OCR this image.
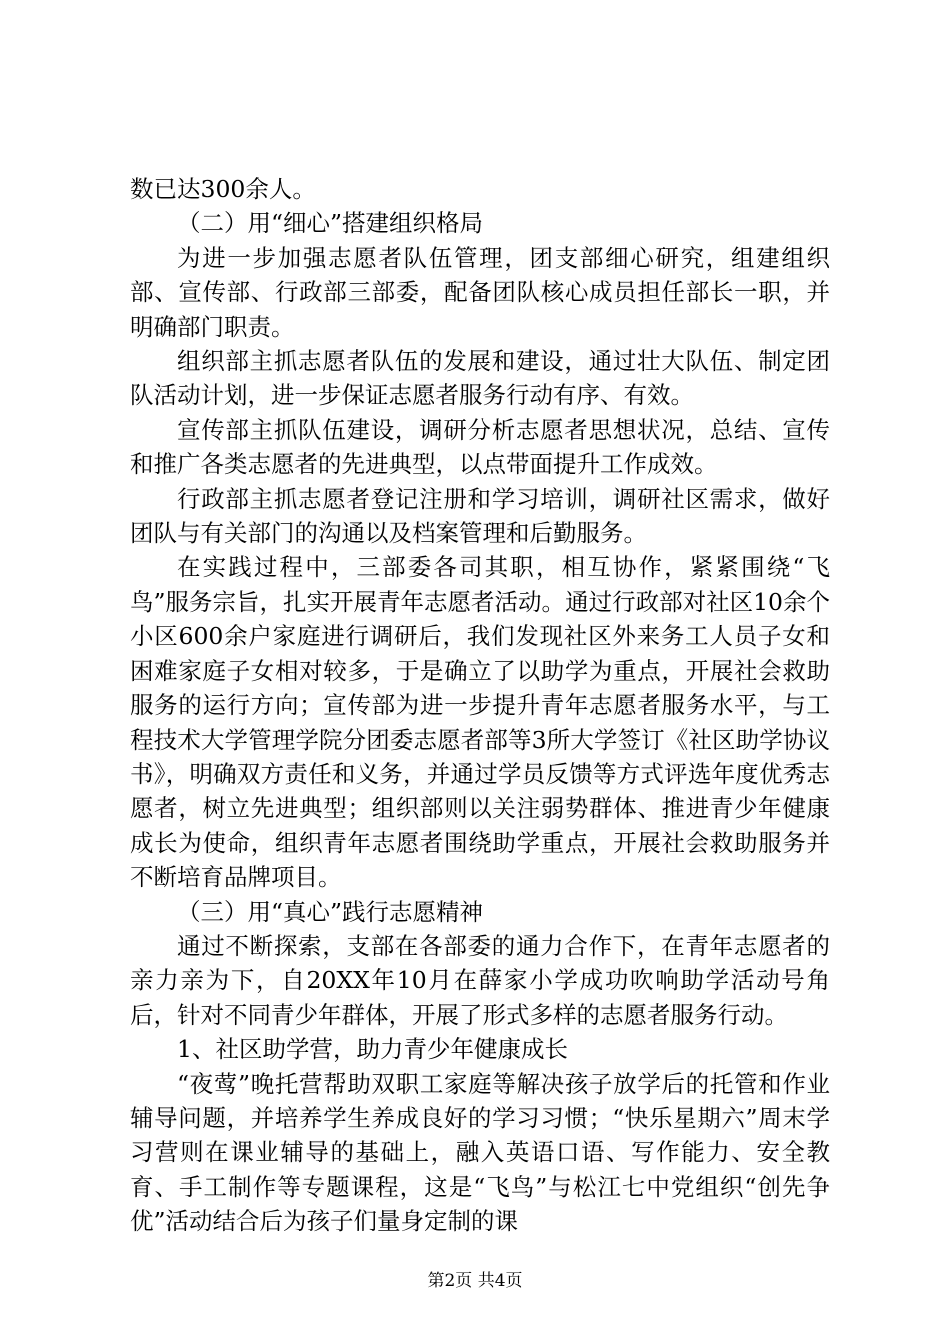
数已达300余人。

（二）用“细心”搭建组织格局

为进一步加强志愿者队伍管理，团支部细心研究，组建组织部、宣传部、行政部三部委，配备团队核心成员担任部长一职，并明确部门职责。

组织部主抓志愿者队伍的发展和建设，通过壮大队伍、制定团队活动计划，进一步保证志愿者服务行动有序、有效。

宣传部主抓队伍建设，调研分析志愿者思想状况，总结、宣传和推广各类志愿者的先进典型，以点带面提升工作成效。

行政部主抓志愿者登记注册和学习培训，调研社区需求，做好团队与有关部门的沟通以及档案管理和后勤服务。

在实践过程中，三部委各司其职，相互协作，紧紧围绕“飞鸟”服务宗旨，扎实开展青年志愿者活动。通过行政部对社区10余个小区600余户家庭进行调研后，我们发现社区外来务工人员子女和困难家庭子女相对较多，于是确立了以助学为重点，开展社会救助服务的运行方向；宣传部为进一步提升青年志愿者服务水平，与工程技术大学管理学院分团委志愿者部等3所大学签订《社区助学协议书》，明确双方责任和义务，并通过学员反馈等方式评选年度优秀志愿者，树立先进典型；组织部则以关注弱势群体、推进青少年健康成长为使命，组织青年志愿者围绕助学重点，开展社会救助服务并不断培育品牌项目。

（三）用“真心”践行志愿精神

通过不断探索，支部在各部委的通力合作下，在青年志愿者的亲力亲为下，自20XX年10月在薛家小学成功吹响助学活动号角后，针对不同青少年群体，开展了形式多样的志愿者服务行动。

1、社区助学营，助力青少年健康成长

“夜莺”晚托营帮助双职工家庭等解决孩子放学后的托管和作业辅导问题，并培养学生养成良好的学习习惯；“快乐星期六”周末学习营则在课业辅导的基础上，融入英语口语、写作能力、安全教育、手工制作等专题课程，这是“飞鸟”与松江七中党组织“创先争优”活动结合后为孩子们量身定制的课

第2页 共4页
